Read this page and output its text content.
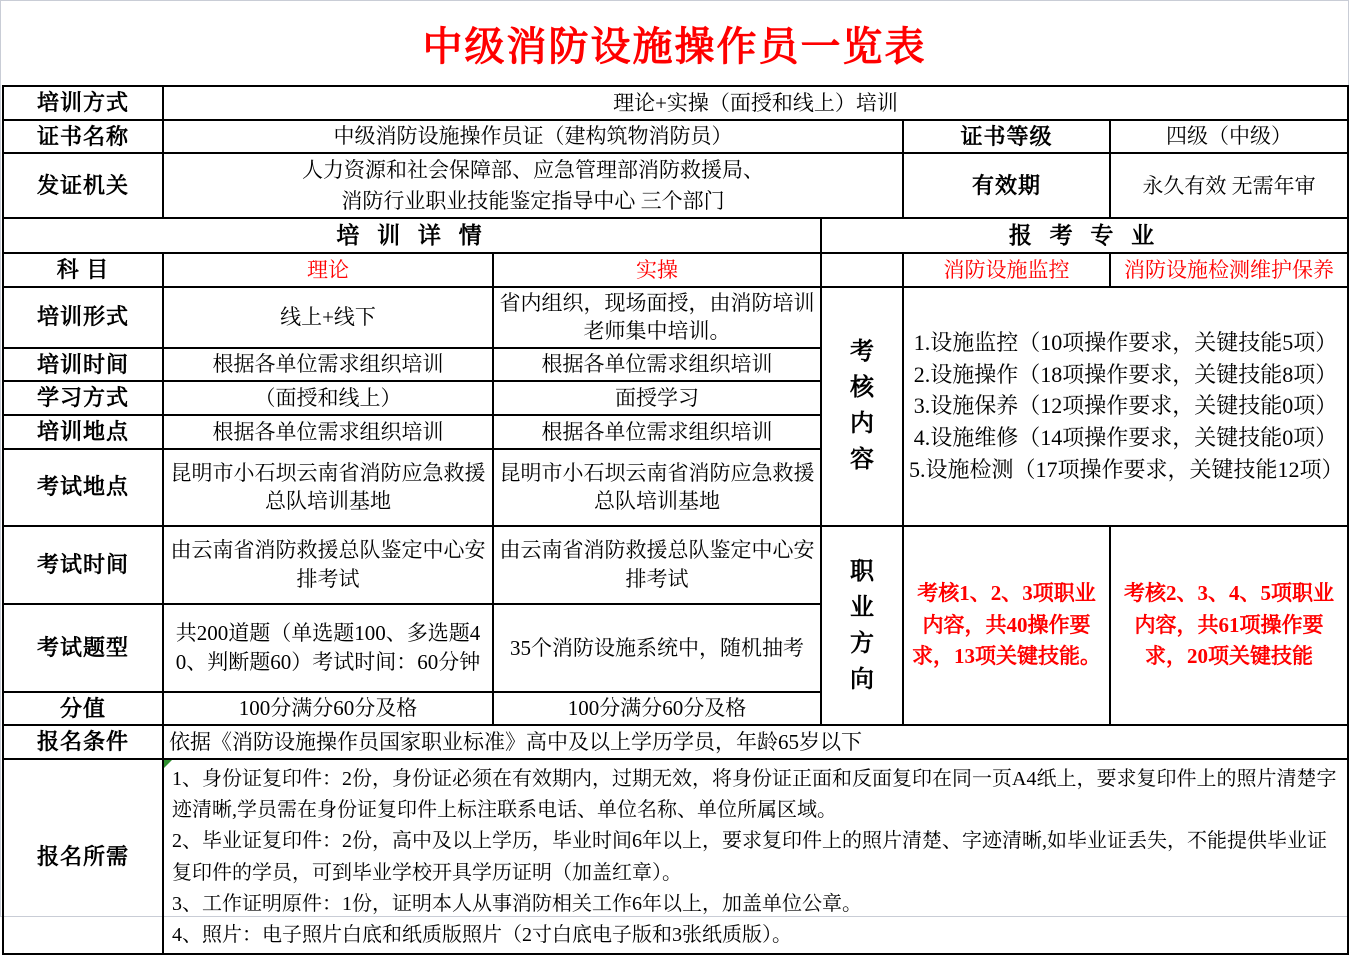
中级消防设施操作员一览表
培训方式	理论+实操（面授和线上）培训				
证书名称	中级消防设施操作员证（建构筑物消防员）			证书等级	四级（中级）
发证机关	人力资源和社会保障部、应急管理部消防救援局、
消防行业职业技能鉴定指导中心 三个部门			有效期	永久有效 无需年审
培 训 详 情			报 考 专 业		
科 目	理论	实操		消防设施监控	消防设施检测维护保养
培训形式	线上+线下	省内组织，现场面授，由消防培训老师集中培训。	考核内容	1.设施监控（10项操作要求，关键技能5项）2.设施操作（18项操作要求，关键技能8项）3.设施保养（12项操作要求，关键技能0项）4.设施维修（14项操作要求，关键技能0项）
5.设施检测（17项操作要求，关键技能12项）	

培训时间	根据各单位需求组织培训	根据各单位需求组织培训			
学习方式	（面授和线上）	面授学习			
培训地点	根据各单位需求组织培训	根据各单位需求组织培训			
考试地点	昆明市小石坝云南省消防应急救援总队培训基地	昆明市小石坝云南省消防应急救援总队培训基地			
考试时间	由云南省消防救援总队鉴定中心安排考试	由云南省消防救援总队鉴定中心安排考试	职业方向	考核1、2、3项职业内容，共40操作要求，13项关键技能。	考核2、3、4、5项职业内容，共61项操作要求，20项关键技能
考试题型	共200道题（单选题100、多选题40、判断题60）考试时间：60分钟	35个消防设施系统中，随机抽考			
分值	100分满分60分及格	100分满分60分及格			
报名条件	依据《消防设施操作员国家职业标准》高中及以上学历学员，年龄65岁以下				
报名所需	1、身份证复印件：2份，身份证必须在有效期内，过期无效，将身份证正面和反面复印在同一页A4纸上，要求复印件上的照片清楚字迹清晰,学员需在身份证复印件上标注联系电话、单位名称、单位所属区域。
2、毕业证复印件：2份，高中及以上学历，毕业时间6年以上，要求复印件上的照片清楚、字迹清晰,如毕业证丢失，不能提供毕业证复印件的学员，可到毕业学校开具学历证明（加盖红章）。
3、工作证明原件：1份，证明本人从事消防相关工作6年以上，加盖单位公章。
4、照片：电子照片白底和纸质版照片（2寸白底电子版和3张纸质版）。				
